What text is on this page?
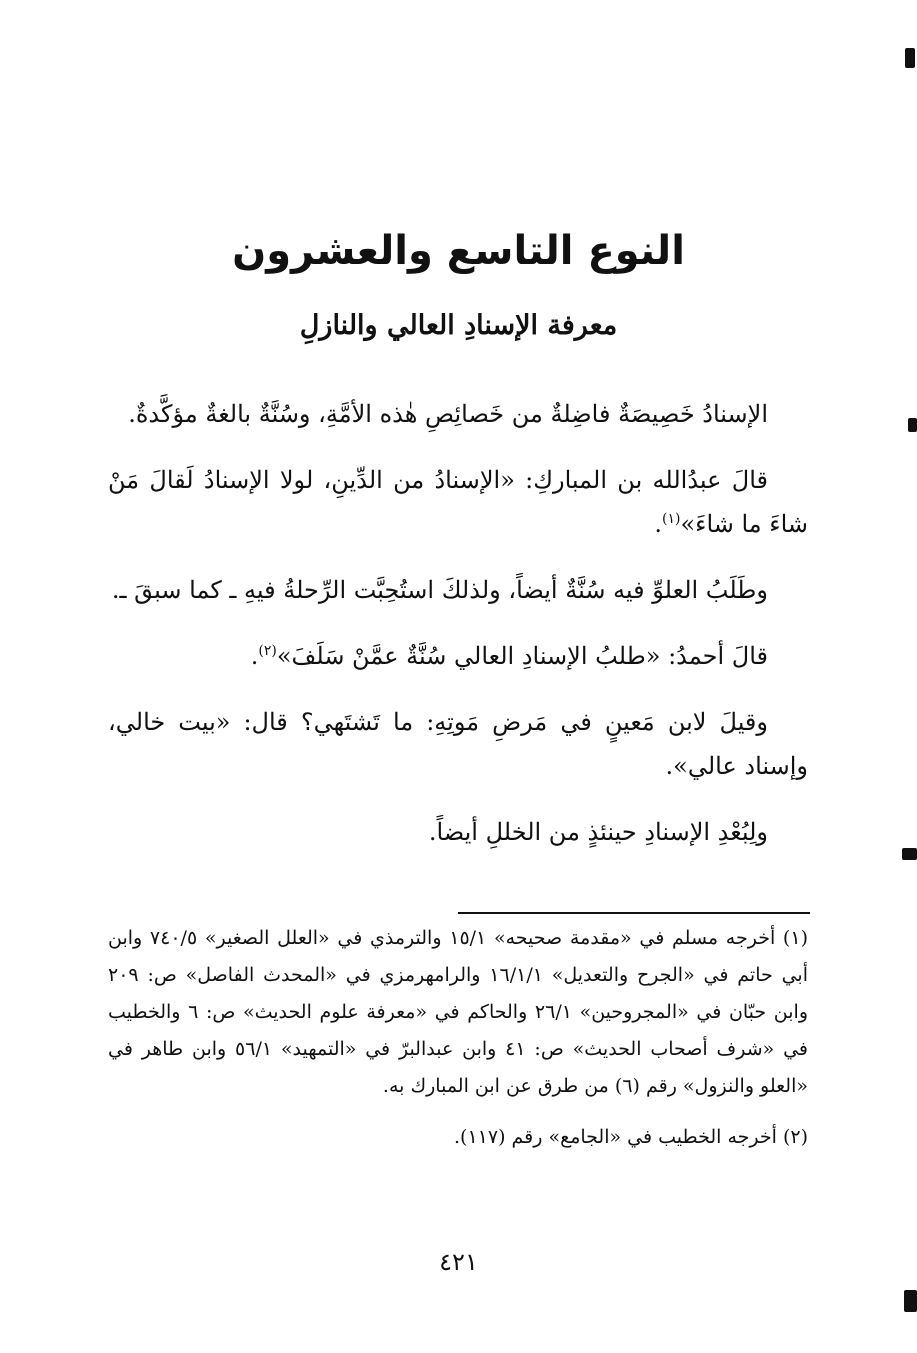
النوع التاسع والعشرون
معرفة الإسنادِ العالي والنازلِ

الإسنادُ خَصِيصَةٌ فاضِلةٌ من خَصائِصِ هٰذه الأمَّةِ، وسُنَّةٌ بالغةٌ مؤكَّدةٌ.

قالَ عبدُالله بن المباركِ: «الإسنادُ من الدِّينِ، لولا الإسنادُ لَقالَ مَنْ شاءَ ما شاءَ»$^{(١)}$.

وطَلَبُ العلوِّ فيه سُنَّةٌ أيضاً، ولذلكَ استُحِبَّت الرِّحلةُ فيهِ ـ كما سبقَ ـ.

قالَ أحمدُ: «طلبُ الإسنادِ العالي سُنَّةٌ عمَّنْ سَلَفَ»$^{(٢)}$.

وقيلَ لابن مَعينٍ في مَرضِ مَوتِهِ: ما تَشتَهي؟ قال: «بيت خالي، وإسناد عالي».

ولِبُعْدِ الإسنادِ حينئذٍ من الخللِ أيضاً.

(١) أخرجه مسلم في «مقدمة صحيحه» ١٥/١ والترمذي في «العلل الصغير» ٧٤٠/٥ وابن أبي حاتم في «الجرح والتعديل» ١٦/١/١ والرامهرمزي في «المحدث الفاصل» ص: ٢٠٩ وابن حبّان في «المجروحين» ٢٦/١ والحاكم في «معرفة علوم الحديث» ص: ٦ والخطيب في «شرف أصحاب الحديث» ص: ٤١ وابن عبدالبرّ في «التمهيد» ٥٦/١ وابن طاهر في «العلو والنزول» رقم (٦) من طرق عن ابن المبارك به.

(٢) أخرجه الخطيب في «الجامع» رقم (١١٧).

٤٢١
